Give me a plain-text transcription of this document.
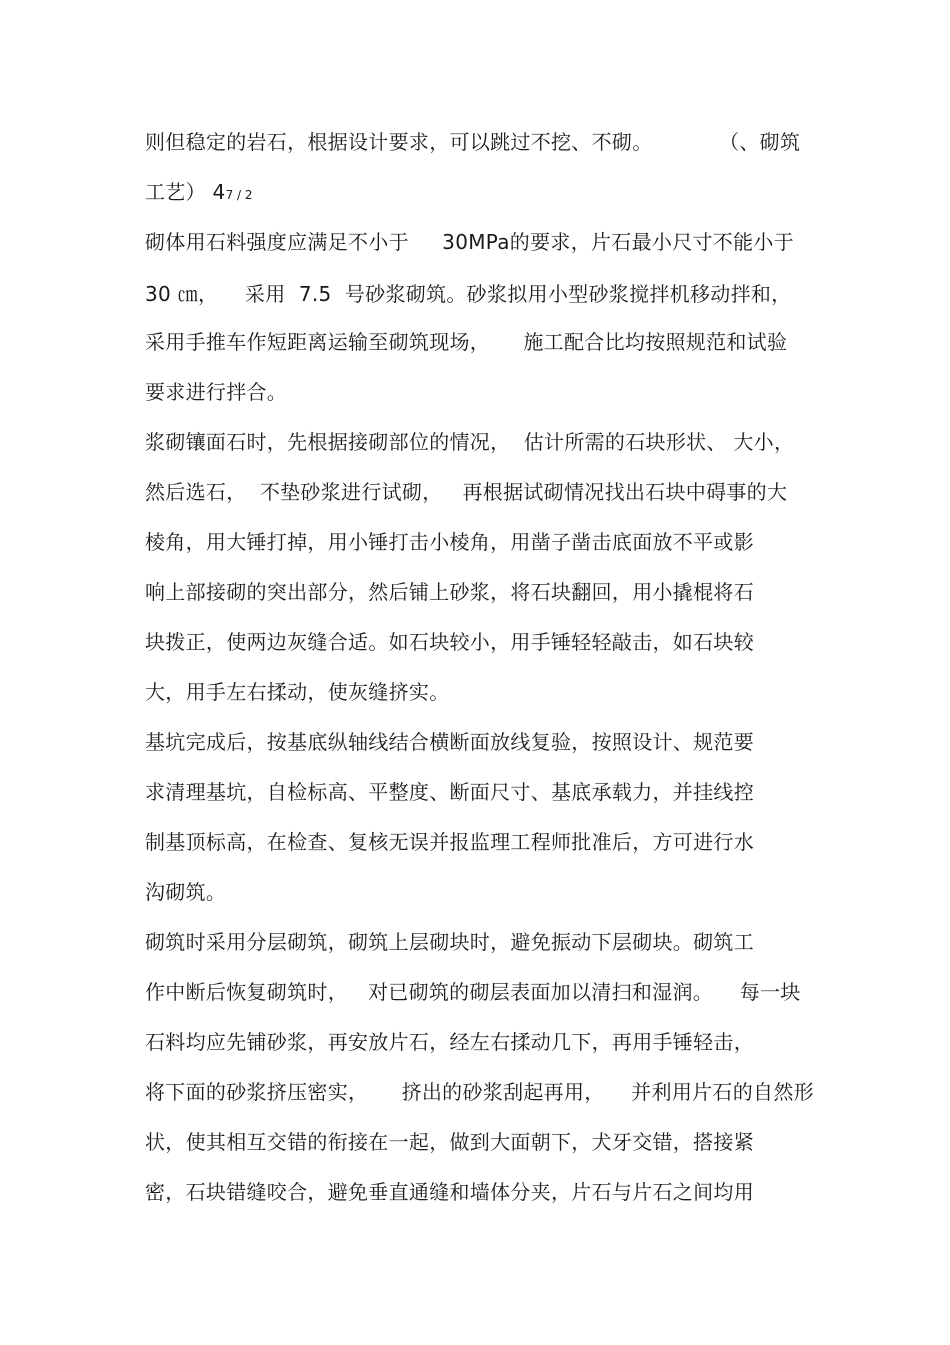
则但稳定的岩石，根据设计要求，可以跳过不挖、不砌。          （、砌筑
工艺） 47 / 2
砌体用石料强度应满足不小于     30MPa的要求，片石最小尺寸不能小于
30 ㎝，    采用  7.5  号砂浆砌筑。砂浆拟用小型砂浆搅拌机移动拌和，
采用手推车作短距离运输至砌筑现场，     施工配合比均按照规范和试验
要求进行拌合。
浆砌镶面石时，先根据接砌部位的情况，  估计所需的石块形状、 大小，
然后选石，  不垫砂浆进行试砌，   再根据试砌情况找出石块中碍事的大
棱角，用大锤打掉，用小锤打击小棱角，用凿子凿击底面放不平或影
响上部接砌的突出部分，然后铺上砂浆，将石块翻回，用小撬棍将石
块拨正，使两边灰缝合适。如石块较小，用手锤轻轻敲击，如石块较
大，用手左右揉动，使灰缝挤实。
基坑完成后，按基底纵轴线结合横断面放线复验，按照设计、规范要
求清理基坑，自检标高、平整度、断面尺寸、基底承载力，并挂线控
制基顶标高，在检查、复核无误并报监理工程师批准后，方可进行水
沟砌筑。
砌筑时采用分层砌筑，砌筑上层砌块时，避免振动下层砌块。砌筑工
作中断后恢复砌筑时，   对已砌筑的砌层表面加以清扫和湿润。    每一块
石料均应先铺砂浆，再安放片石，经左右揉动几下，再用手锤轻击，
将下面的砂浆挤压密实，     挤出的砂浆刮起再用，    并利用片石的自然形
状，使其相互交错的衔接在一起，做到大面朝下，犬牙交错，搭接紧
密，石块错缝咬合，避免垂直通缝和墙体分夹，片石与片石之间均用
